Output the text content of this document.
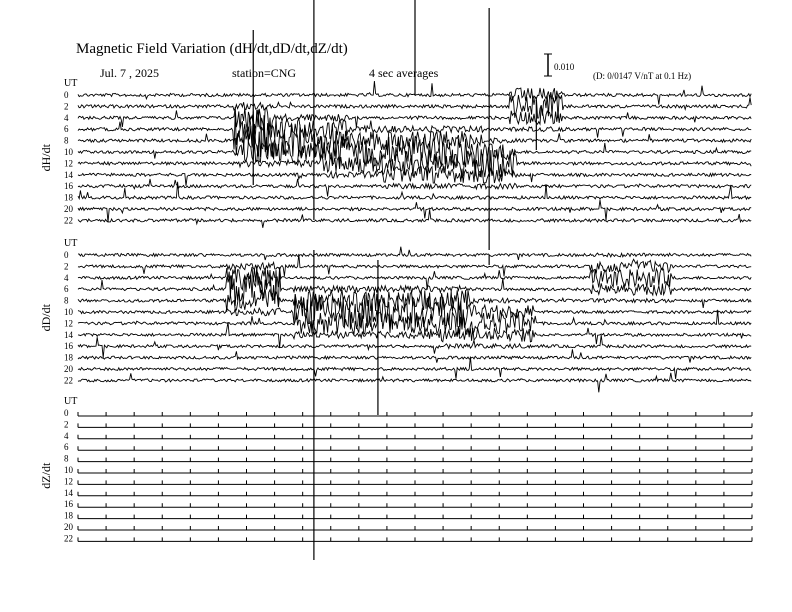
Magnetic Field Variation (dH/dt,dD/dt,dZ/dt)
Jul. 7 , 2025	station=CNG	4 sec averages	0.010
(D: 0/0147 V/nT at 0.1 Hz)
UT
dH/dt
0
2
4
6
8
10
12
14
16
18
20
22
UT
dD/dt
0
2
4
6
8
10
12
14
16
18
20
22
UT
dZ/dt
0
2
4
6
8
10
12
14
16
18
20
22
